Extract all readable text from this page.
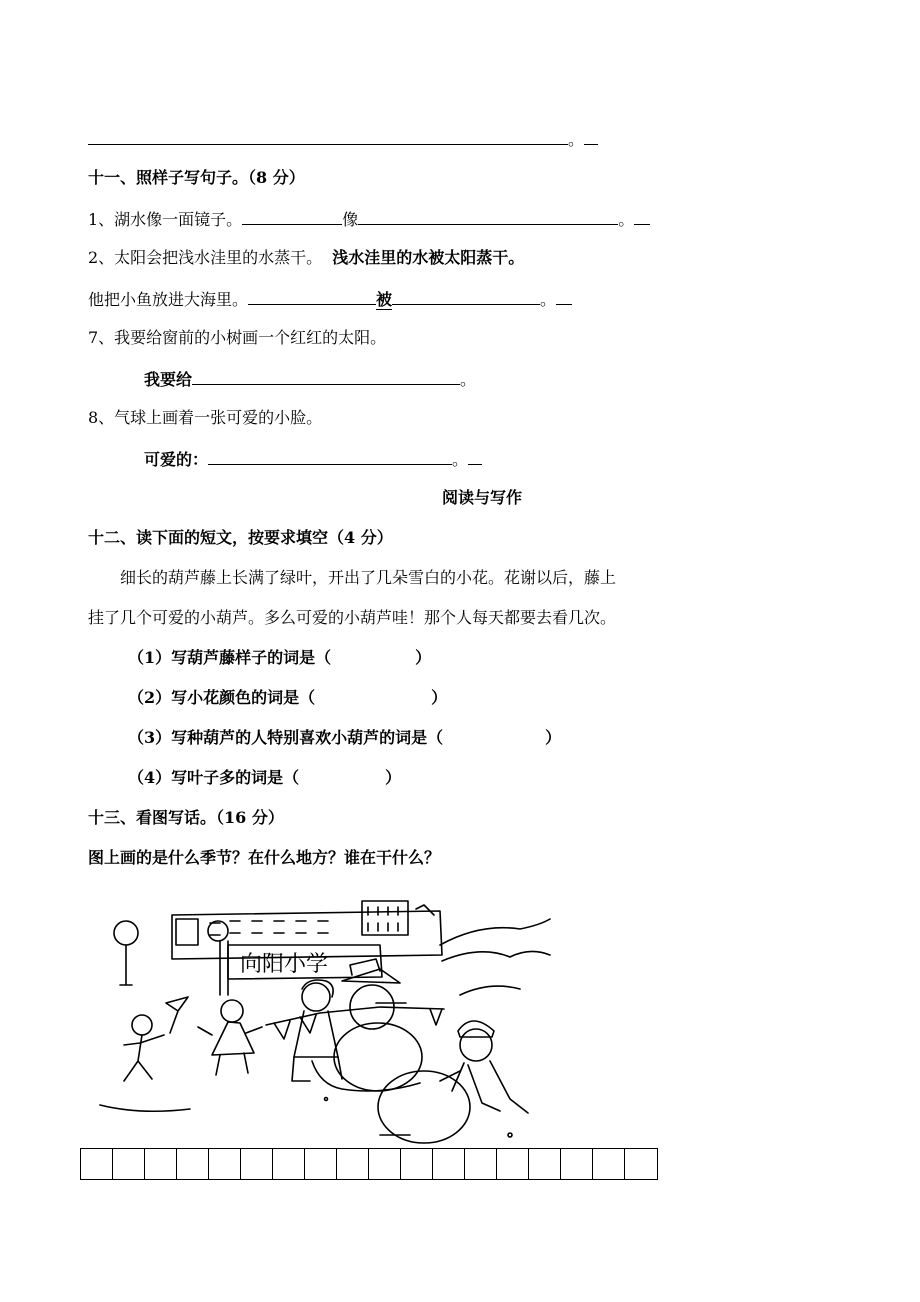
。
十一、照样子写句子。（8 分）
1、湖水像一面镜子。	像	。
2、太阳会把浅水洼里的水蒸干。 浅水洼里的水被太阳蒸干。
他把小鱼放进大海里。	被	。
7、我要给窗前的小树画一个红红的太阳。
我要给	。
8、气球上画着一张可爱的小脸。
可爱的：	。
阅读与写作
十二、读下面的短文，按要求填空（4 分）
细长的葫芦藤上长满了绿叶，开出了几朵雪白的小花。花谢以后，藤上
挂了几个可爱的小葫芦。多么可爱的小葫芦哇！那个人每天都要去看几次。
（1）写葫芦藤样子的词是（	）
（2）写小花颜色的词是（	）
（3）写种葫芦的人特别喜欢小葫芦的词是（	）
（4）写叶子多的词是（	）
十三、看图写话。（16 分）
图上画的是什么季节？在什么地方？谁在干什么？
向阳小学
